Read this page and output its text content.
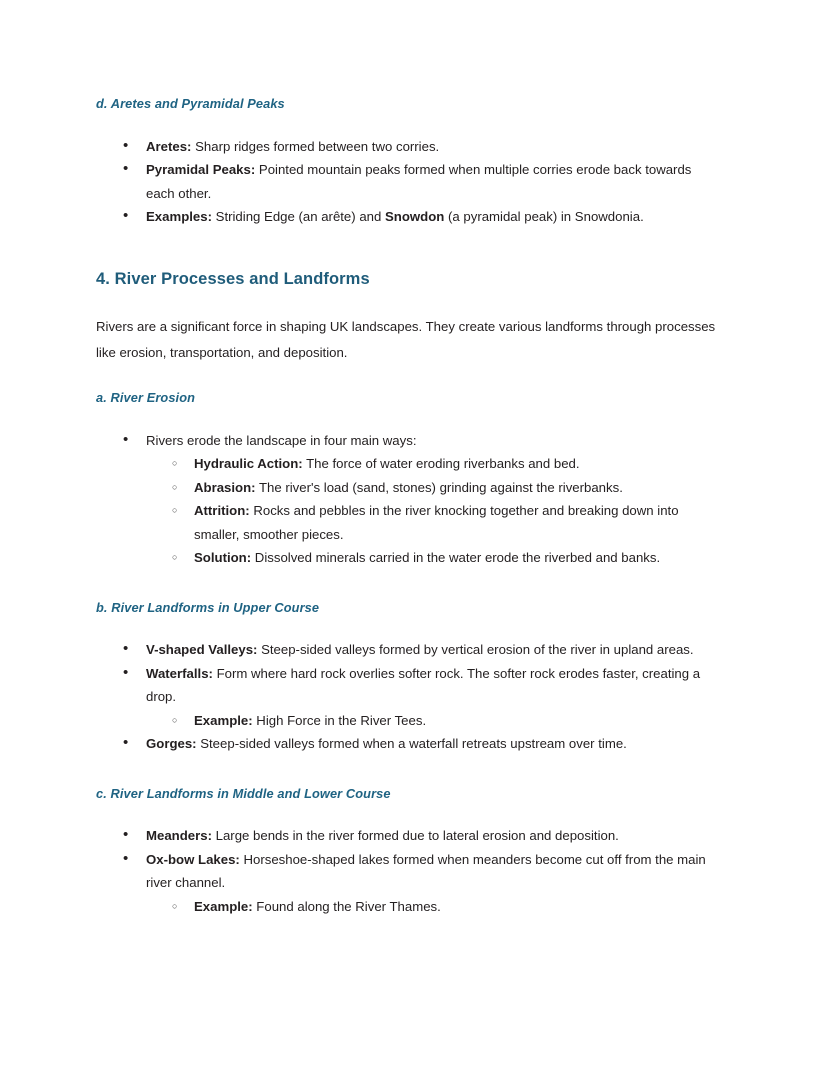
d. Aretes and Pyramidal Peaks
• Aretes: Sharp ridges formed between two corries.
• Pyramidal Peaks: Pointed mountain peaks formed when multiple corries erode back towards each other.
• Examples: Striding Edge (an arête) and Snowdon (a pyramidal peak) in Snowdonia.
4. River Processes and Landforms

Rivers are a significant force in shaping UK landscapes. They create various landforms through processes like erosion, transportation, and deposition.

a. River Erosion
• Rivers erode the landscape in four main ways:
○ Hydraulic Action: The force of water eroding riverbanks and bed.
○ Abrasion: The river's load (sand, stones) grinding against the riverbanks.
○ Attrition: Rocks and pebbles in the river knocking together and breaking down into smaller, smoother pieces.
○ Solution: Dissolved minerals carried in the water erode the riverbed and banks.
b. River Landforms in Upper Course
• V-shaped Valleys: Steep-sided valleys formed by vertical erosion of the river in upland areas.
• Waterfalls: Form where hard rock overlies softer rock. The softer rock erodes faster, creating a drop.
○ Example: High Force in the River Tees.
• Gorges: Steep-sided valleys formed when a waterfall retreats upstream over time.
c. River Landforms in Middle and Lower Course
• Meanders: Large bends in the river formed due to lateral erosion and deposition.
• Ox-bow Lakes: Horseshoe-shaped lakes formed when meanders become cut off from the main river channel.
○ Example: Found along the River Thames.
